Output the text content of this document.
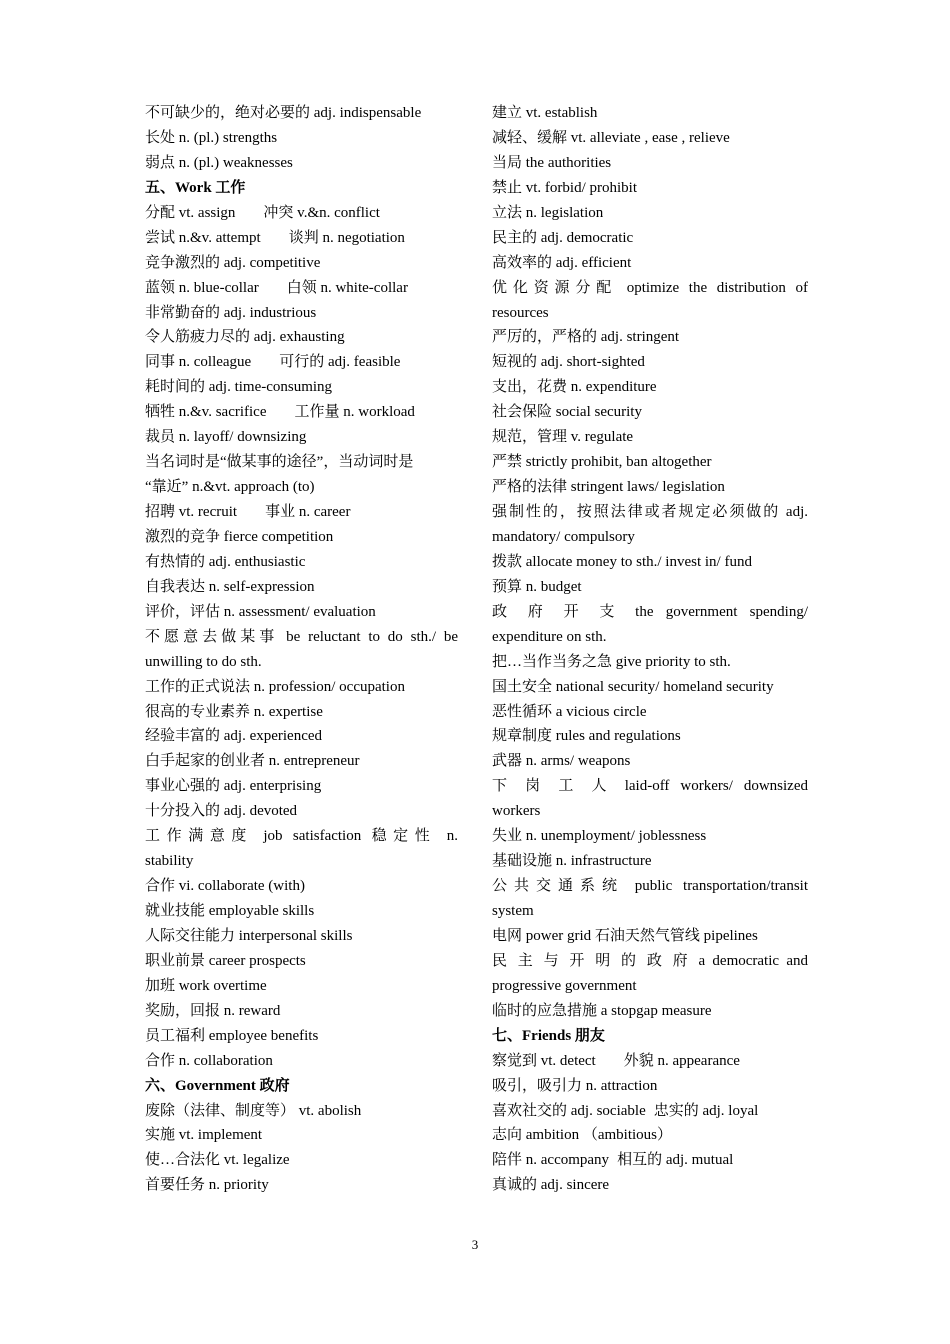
不可缺少的，绝对必要的 adj. indispensable
长处 n. (pl.) strengths
弱点 n. (pl.) weaknesses
五、Work 工作
分配 vt. assign 冲突 v.&n. conflict
尝试 n.&v. attempt 谈判 n. negotiation
竞争激烈的 adj. competitive
蓝领 n. blue-collar 白领 n. white-collar
非常勤奋的 adj. industrious
令人筋疲力尽的 adj. exhausting
同事 n. colleague 可行的 adj. feasible
耗时间的 adj. time-consuming
牺牲 n.&v. sacrifice 工作量 n. workload
裁员 n. layoff/ downsizing
当名词时是“做某事的途径”，当动词时是
“靠近” n.&vt. approach (to)
招聘 vt. recruit 事业 n. career
激烈的竞争 fierce competition
有热情的 adj. enthusiastic
自我表达 n. self-expression
评价，评估 n. assessment/ evaluation
不愿意去做某事 be reluctant to do sth./ be
unwilling to do sth.
工作的正式说法 n. profession/ occupation
很高的专业素养 n. expertise
经验丰富的 adj. experienced
白手起家的创业者 n. entrepreneur
事业心强的 adj. enterprising
十分投入的 adj. devoted
工作满意度 job satisfaction 稳定性 n.
stability
合作 vi. collaborate (with)
就业技能 employable skills
人际交往能力 interpersonal skills
职业前景 career prospects
加班 work overtime
奖励，回报 n. reward
员工福利 employee benefits
合作 n. collaboration
六、Government 政府
废除（法律、制度等） vt. abolish
实施 vt. implement
使…合法化 vt. legalize
首要任务 n. priority
建立 vt. establish
减轻、缓解 vt. alleviate , ease , relieve
当局 the authorities
禁止 vt. forbid/ prohibit
立法 n. legislation
民主的 adj. democratic
高效率的 adj. efficient
优化资源分配 optimize the distribution of
resources
严厉的，严格的 adj. stringent
短视的 adj. short-sighted
支出，花费 n. expenditure
社会保险 social security
规范，管理 v. regulate
严禁 strictly prohibit, ban altogether
严格的法律 stringent laws/ legislation
强制性的，按照法律或者规定必须做的 adj.
mandatory/ compulsory
拨款 allocate money to sth./ invest in/ fund
预算 n. budget
政 府 开 支 the government spending/
expenditure on sth.
把…当作当务之急 give priority to sth.
国土安全 national security/ homeland security
恶性循环 a vicious circle
规章制度 rules and regulations
武器 n. arms/ weapons
下 岗 工 人 laid-off workers/ downsized
workers
失业 n. unemployment/ joblessness
基础设施 n. infrastructure
公共交通系统 public transportation/transit
system
电网 power grid 石油天然气管线 pipelines
民 主 与 开 明 的 政 府 a democratic and
progressive government
临时的应急措施 a stopgap measure
七、Friends 朋友
察觉到 vt. detect 外貌 n. appearance
吸引，吸引力 n. attraction
喜欢社交的 adj. sociable 忠实的 adj. loyal
志向 ambition （ambitious）
陪伴 n. accompany 相互的 adj. mutual
真诚的 adj. sincere
3
